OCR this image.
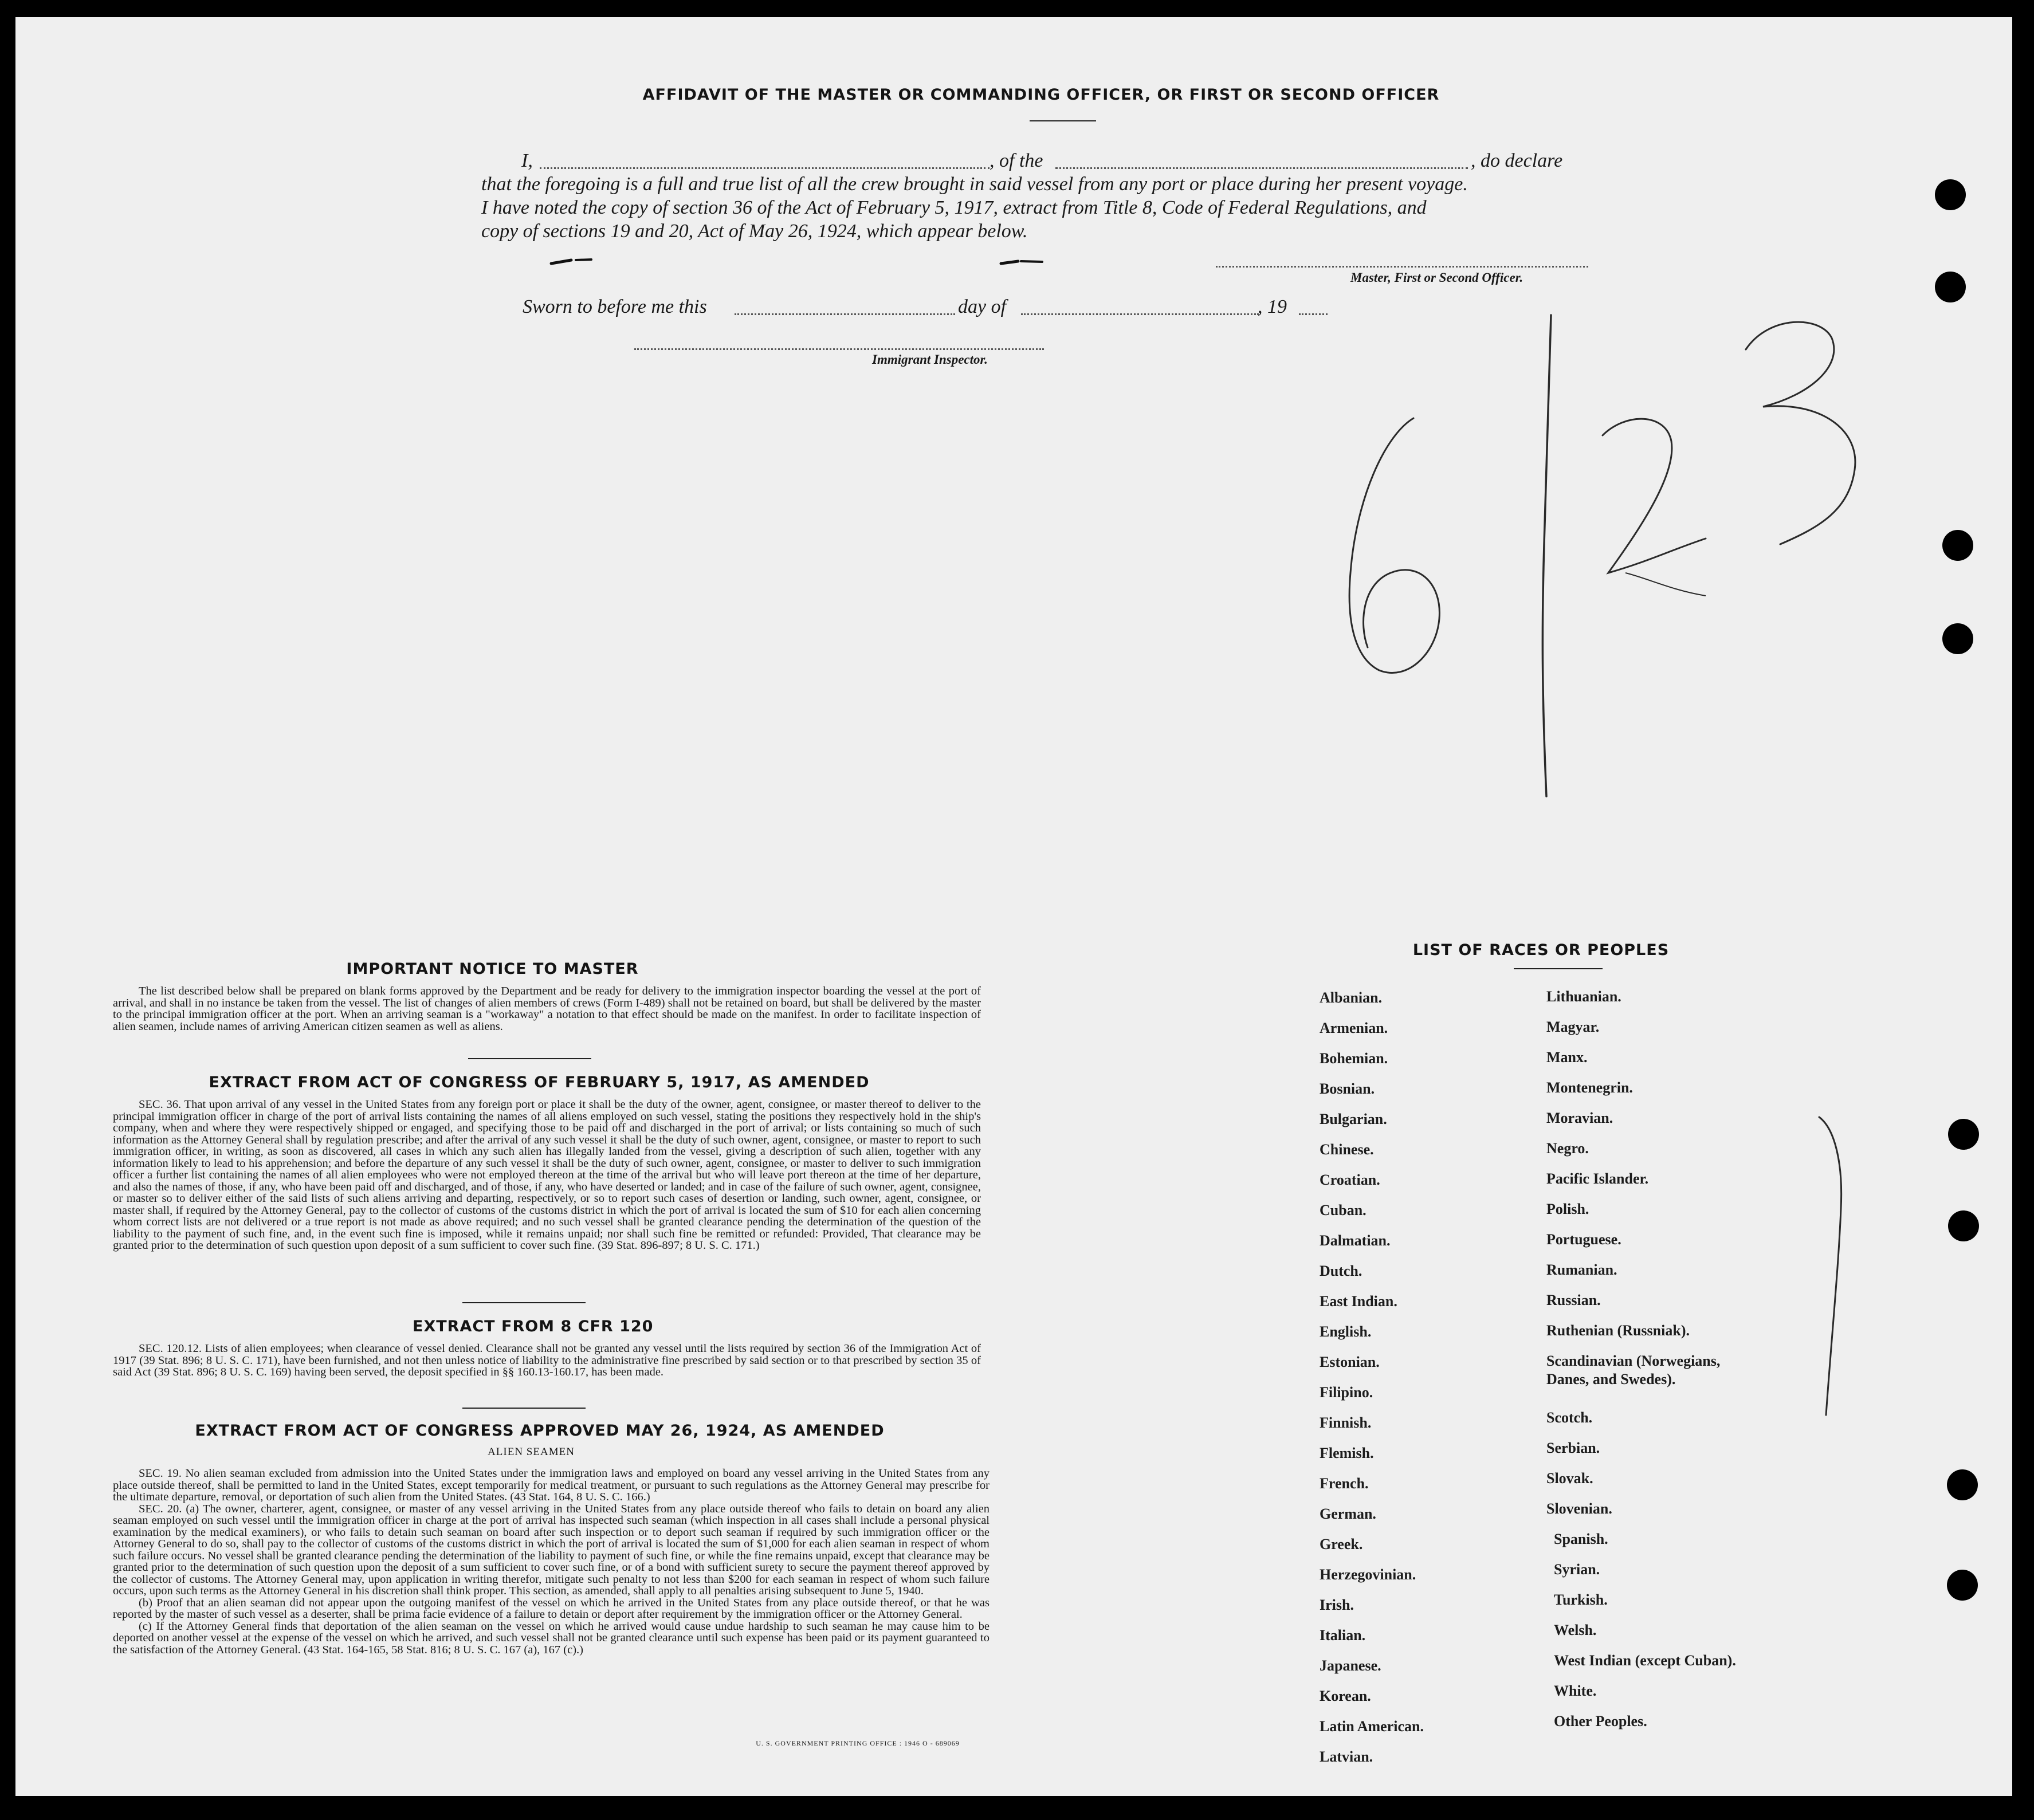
AFFIDAVIT OF THE MASTER OR COMMANDING OFFICER, OR FIRST OR SECOND OFFICER
I,	, of the	, do declare
that the foregoing is a full and true list of all the crew brought in said vessel from any port or place during her present voyage.
I have noted the copy of section 36 of the Act of February 5, 1917, extract from Title 8, Code of Federal Regulations, and
copy of sections 19 and 20, Act of May 26, 1924, which appear below.
Master, First or Second Officer.
Sworn to before me this	day of	, 19
Immigrant Inspector.
IMPORTANT NOTICE TO MASTER

The list described below shall be prepared on blank forms approved by the Department and be ready for delivery to the immigration inspector boarding the vessel at the port of arrival, and shall in no instance be taken from the vessel. The list of changes of alien members of crews (Form I-489) shall not be retained on board, but shall be delivered by the master to the principal immigration officer at the port. When an arriving seaman is a "workaway" a notation to that effect should be made on the manifest. In order to facilitate inspection of alien seamen, include names of arriving American citizen seamen as well as aliens.

EXTRACT FROM ACT OF CONGRESS OF FEBRUARY 5, 1917, AS AMENDED

SEC. 36. That upon arrival of any vessel in the United States from any foreign port or place it shall be the duty of the owner, agent, consignee, or master thereof to deliver to the principal immigration officer in charge of the port of arrival lists containing the names of all aliens employed on such vessel, stating the positions they respectively hold in the ship's company, when and where they were respectively shipped or engaged, and specifying those to be paid off and discharged in the port of arrival; or lists containing so much of such information as the Attorney General shall by regulation prescribe; and after the arrival of any such vessel it shall be the duty of such owner, agent, consignee, or master to report to such immigration officer, in writing, as soon as discovered, all cases in which any such alien has illegally landed from the vessel, giving a description of such alien, together with any information likely to lead to his apprehension; and before the departure of any such vessel it shall be the duty of such owner, agent, consignee, or master to deliver to such immigration officer a further list containing the names of all alien employees who were not employed thereon at the time of the arrival but who will leave port thereon at the time of her departure, and also the names of those, if any, who have been paid off and discharged, and of those, if any, who have deserted or landed; and in case of the failure of such owner, agent, consignee, or master so to deliver either of the said lists of such aliens arriving and departing, respectively, or so to report such cases of desertion or landing, such owner, agent, consignee, or master shall, if required by the Attorney General, pay to the collector of customs of the customs district in which the port of arrival is located the sum of $10 for each alien concerning whom correct lists are not delivered or a true report is not made as above required; and no such vessel shall be granted clearance pending the determination of the question of the liability to the payment of such fine, and, in the event such fine is imposed, while it remains unpaid; nor shall such fine be remitted or refunded: Provided, That clearance may be granted prior to the determination of such question upon deposit of a sum sufficient to cover such fine. (39 Stat. 896-897; 8 U. S. C. 171.)

EXTRACT FROM 8 CFR 120

SEC. 120.12. Lists of alien employees; when clearance of vessel denied. Clearance shall not be granted any vessel until the lists required by section 36 of the Immigration Act of 1917 (39 Stat. 896; 8 U. S. C. 171), have been furnished, and not then unless notice of liability to the administrative fine prescribed by said section or to that prescribed by section 35 of said Act (39 Stat. 896; 8 U. S. C. 169) having been served, the deposit specified in §§ 160.13-160.17, has been made.

EXTRACT FROM ACT OF CONGRESS APPROVED MAY 26, 1924, AS AMENDED
ALIEN SEAMEN

SEC. 19. No alien seaman excluded from admission into the United States under the immigration laws and employed on board any vessel arriving in the United States from any place outside thereof, shall be permitted to land in the United States, except temporarily for medical treatment, or pursuant to such regulations as the Attorney General may prescribe for the ultimate departure, removal, or deportation of such alien from the United States. (43 Stat. 164, 8 U. S. C. 166.)

SEC. 20. (a) The owner, charterer, agent, consignee, or master of any vessel arriving in the United States from any place outside thereof who fails to detain on board any alien seaman employed on such vessel until the immigration officer in charge at the port of arrival has inspected such seaman (which inspection in all cases shall include a personal physical examination by the medical examiners), or who fails to detain such seaman on board after such inspection or to deport such seaman if required by such immigration officer or the Attorney General to do so, shall pay to the collector of customs of the customs district in which the port of arrival is located the sum of $1,000 for each alien seaman in respect of whom such failure occurs. No vessel shall be granted clearance pending the determination of the liability to payment of such fine, or while the fine remains unpaid, except that clearance may be granted prior to the determination of such question upon the deposit of a sum sufficient to cover such fine, or of a bond with sufficient surety to secure the payment thereof approved by the collector of customs. The Attorney General may, upon application in writing therefor, mitigate such penalty to not less than $200 for each seaman in respect of whom such failure occurs, upon such terms as the Attorney General in his discretion shall think proper. This section, as amended, shall apply to all penalties arising subsequent to June 5, 1940.

(b) Proof that an alien seaman did not appear upon the outgoing manifest of the vessel on which he arrived in the United States from any place outside thereof, or that he was reported by the master of such vessel as a deserter, shall be prima facie evidence of a failure to detain or deport after requirement by the immigration officer or the Attorney General.

(c) If the Attorney General finds that deportation of the alien seaman on the vessel on which he arrived would cause undue hardship to such seaman he may cause him to be deported on another vessel at the expense of the vessel on which he arrived, and such vessel shall not be granted clearance until such expense has been paid or its payment guaranteed to the satisfaction of the Attorney General. (43 Stat. 164-165, 58 Stat. 816; 8 U. S. C. 167 (a), 167 (c).)

U. S. GOVERNMENT PRINTING OFFICE : 1946 O - 689069
LIST OF RACES OR PEOPLES
Albanian.
Armenian.
Bohemian.
Bosnian.
Bulgarian.
Chinese.
Croatian.
Cuban.
Dalmatian.
Dutch.
East Indian.
English.
Estonian.
Filipino.
Finnish.
Flemish.
French.
German.
Greek.
Herzegovinian.
Irish.
Italian.
Japanese.
Korean.
Latin American.
Latvian.
Lithuanian.
Magyar.
Manx.
Montenegrin.
Moravian.
Negro.
Pacific Islander.
Polish.
Portuguese.
Rumanian.
Russian.
Ruthenian (Russniak).
Scandinavian (Norwegians, Danes, and Swedes).
Scotch.
Serbian.
Slovak.
Slovenian.
Spanish.
Syrian.
Turkish.
Welsh.
West Indian (except Cuban).
White.
Other Peoples.
